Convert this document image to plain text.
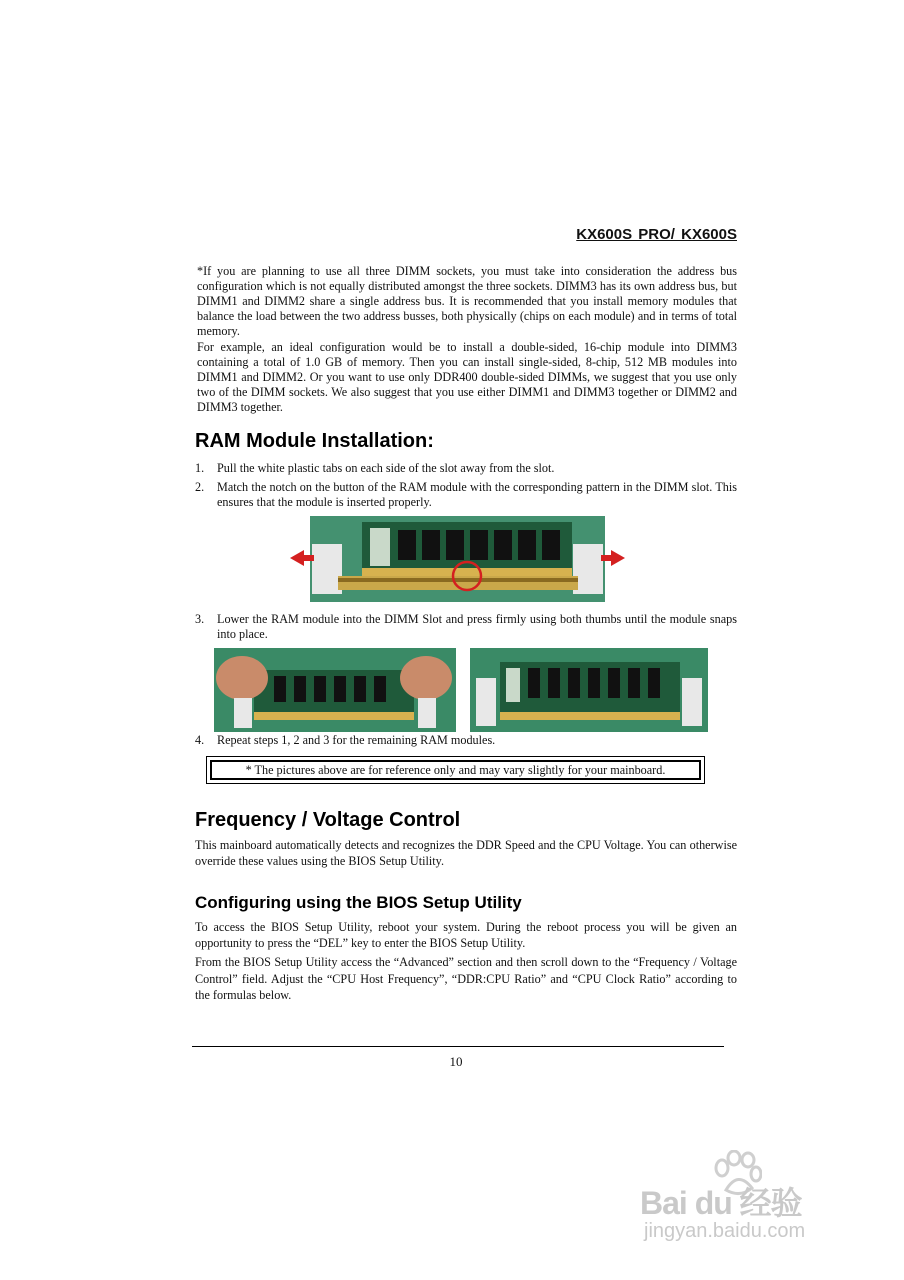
KX600S PRO/ KX600S

*If you are planning to use all three DIMM sockets, you must take into consideration the address bus configuration which is not equally distributed amongst the three sockets. DIMM3 has its own address bus, but DIMM1 and DIMM2 share a single address bus. It is recommended that you install memory modules that balance the load between the two address busses, both physically (chips on each module) and in terms of total memory.

For example, an ideal configuration would be to install a double-sided, 16-chip module into DIMM3 containing a total of 1.0 GB of memory. Then you can install single-sided, 8-chip, 512 MB modules into DIMM1 and DIMM2. Or you want to use only DDR400 double-sided DIMMs, we suggest that you use only two of the DIMM sockets. We also suggest that you use either DIMM1 and DIMM3 together or DIMM2 and DIMM3 together.

RAM Module Installation:
1.	Pull the white plastic tabs on each side of the slot away from the slot.
2.	Match the notch on the button of the RAM module with the corresponding pattern in the DIMM slot. This ensures that the module is inserted properly.
3.	Lower the RAM module into the DIMM Slot and press firmly using both thumbs until the module snaps into place.
4.	Repeat steps 1, 2 and 3 for the remaining RAM modules.
* The pictures above are for reference only and may vary slightly for your mainboard.
Frequency / Voltage Control

This mainboard automatically detects and recognizes the DDR Speed and the CPU Voltage. You can otherwise override these values using the BIOS Setup Utility.

Configuring using the BIOS Setup Utility

To access the BIOS Setup Utility, reboot your system. During the reboot process you will be given an opportunity to press the “DEL” key to enter the BIOS Setup Utility.

From the BIOS Setup Utility access the “Advanced” section and then scroll down to the “Frequency / Voltage Control” field. Adjust the “CPU Host Frequency”, “DDR:CPU Ratio” and “CPU Clock Ratio” according to the formulas below.

10
Bai du 经验
jingyan.baidu.com
